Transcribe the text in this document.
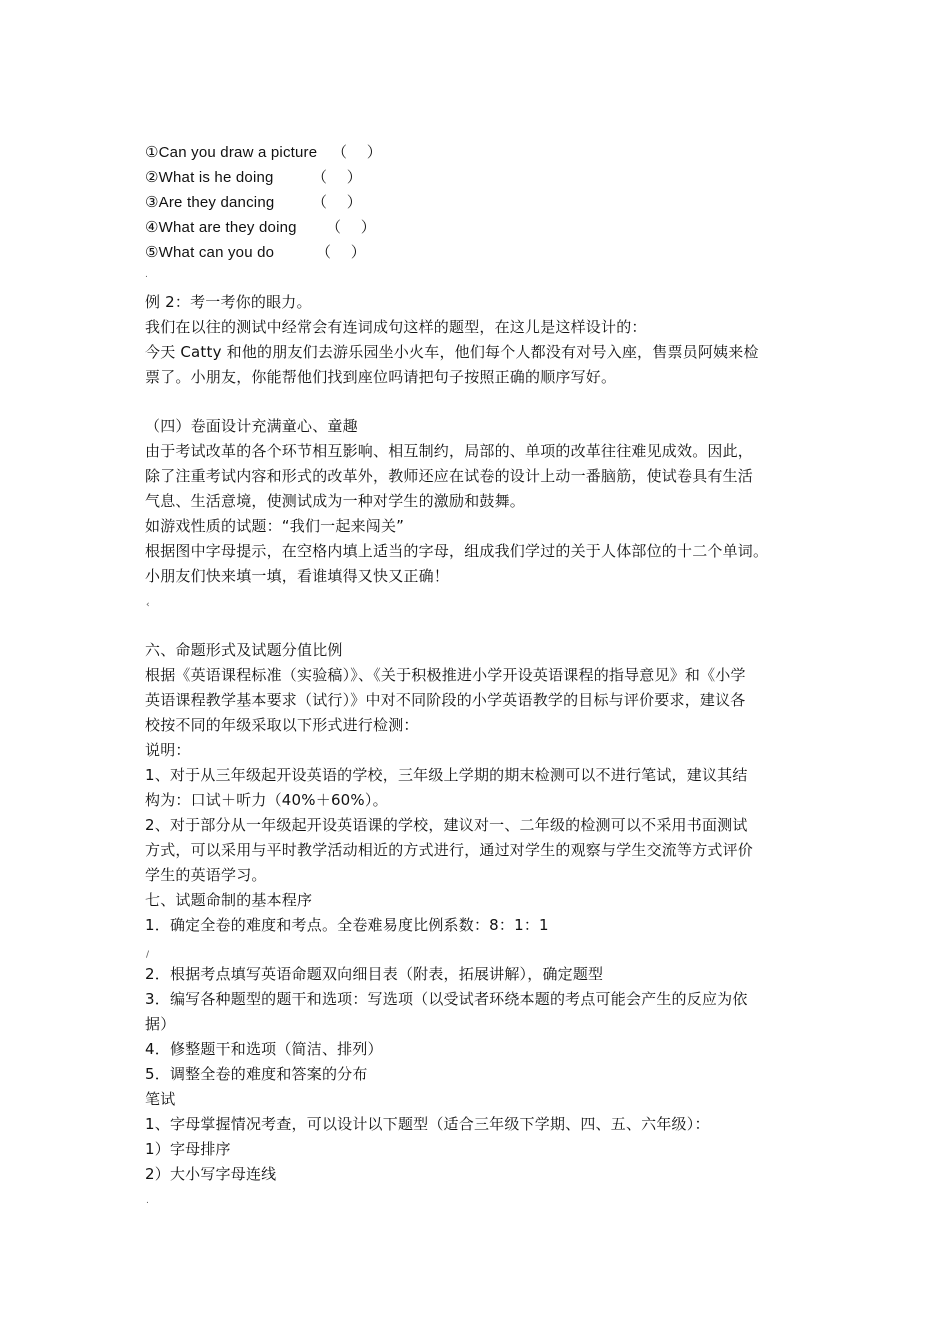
①Can you draw a picture （　 ）
②What is he doing	（　 ）
③Are they dancing	（　 ）
④What are they doing （　 ）
⑤What can you do	（　 ）
.
例 2：考一考你的眼力。
我们在以往的测试中经常会有连词成句这样的题型，在这儿是这样设计的：
今天 Catty 和他的朋友们去游乐园坐小火车，他们每个人都没有对号入座，售票员阿姨来检
票了。小朋友，你能帮他们找到座位吗请把句子按照正确的顺序写好。
（四）卷面设计充满童心、童趣
由于考试改革的各个环节相互影响、相互制约，局部的、单项的改革往往难见成效。因此，
除了注重考试内容和形式的改革外，教师还应在试卷的设计上动一番脑筋，使试卷具有生活
气息、生活意境，使测试成为一种对学生的激励和鼓舞。
如游戏性质的试题：“我们一起来闯关”
根据图中字母提示，在空格内填上适当的字母，组成我们学过的关于人体部位的十二个单词。
小朋友们快来填一填，看谁填得又快又正确！
‹
六、命题形式及试题分值比例
根据《英语课程标准（实验稿）》、《关于积极推进小学开设英语课程的指导意见》和《小学
英语课程教学基本要求（试行）》中对不同阶段的小学英语教学的目标与评价要求，建议各
校按不同的年级采取以下形式进行检测：
说明：
1、对于从三年级起开设英语的学校，三年级上学期的期末检测可以不进行笔试，建议其结
构为：口试＋听力（40%＋60%）。
2、对于部分从一年级起开设英语课的学校，建议对一、二年级的检测可以不采用书面测试
方式，可以采用与平时教学活动相近的方式进行，通过对学生的观察与学生交流等方式评价
学生的英语学习。
七、试题命制的基本程序
1．确定全卷的难度和考点。全卷难易度比例系数：8：1：1
/
2．根据考点填写英语命题双向细目表（附表，拓展讲解），确定题型
3．编写各种题型的题干和选项：写选项（以受试者环绕本题的考点可能会产生的反应为依
据）
4．修整题干和选项（简洁、排列）
5．调整全卷的难度和答案的分布
笔试
1、字母掌握情况考查，可以设计以下题型（适合三年级下学期、四、五、六年级）：
1）字母排序
2）大小写字母连线
.
